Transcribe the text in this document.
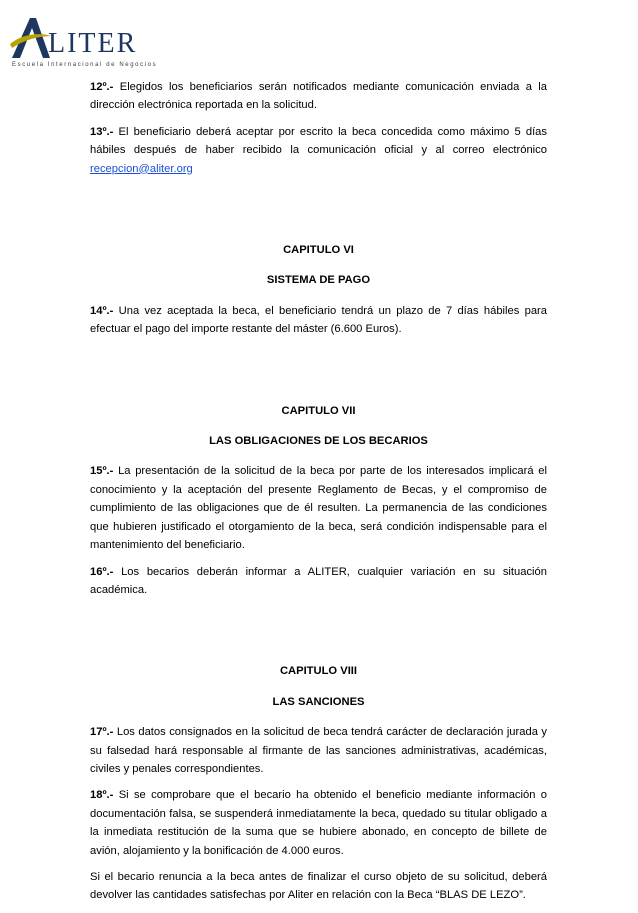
LITER
Escuela Internacional de Negocios

12º.- Elegidos los beneficiarios serán notificados mediante comunicación enviada a la dirección electrónica reportada en la solicitud.

13º.- El beneficiario deberá aceptar por escrito la beca concedida como máximo 5 días hábiles después de haber recibido la comunicación oficial y al correo electrónico recepcion@aliter.org

CAPITULO VI

SISTEMA DE PAGO

14º.- Una vez aceptada la beca, el beneficiario tendrá un plazo de 7 días hábiles para efectuar el pago del importe restante del máster (6.600 Euros).

CAPITULO VII

LAS OBLIGACIONES DE LOS BECARIOS

15º.- La presentación de la solicitud de la beca por parte de los interesados implicará el conocimiento y la aceptación del presente Reglamento de Becas, y el compromiso de cumplimiento de las obligaciones que de él resulten. La permanencia de las condiciones que hubieren justificado el otorgamiento de la beca, será condición indispensable para el mantenimiento del beneficiario.

16º.- Los becarios deberán informar a ALITER, cualquier variación en su situación académica.

CAPITULO VIII

LAS SANCIONES

17º.- Los datos consignados en la solicitud de beca tendrá carácter de declaración jurada y su falsedad hará responsable al firmante de las sanciones administrativas, académicas, civiles y penales correspondientes.

18º.- Si se comprobare que el becario ha obtenido el beneficio mediante información o documentación falsa, se suspenderá inmediatamente la beca, quedado su titular obligado a la inmediata restitución de la suma que se hubiere abonado, en concepto de billete de avión, alojamiento y la bonificación de 4.000 euros.

Si el becario renuncia a la beca antes de finalizar el curso objeto de su solicitud, deberá devolver las cantidades satisfechas por Aliter en relación con la Beca “BLAS DE LEZO”.
